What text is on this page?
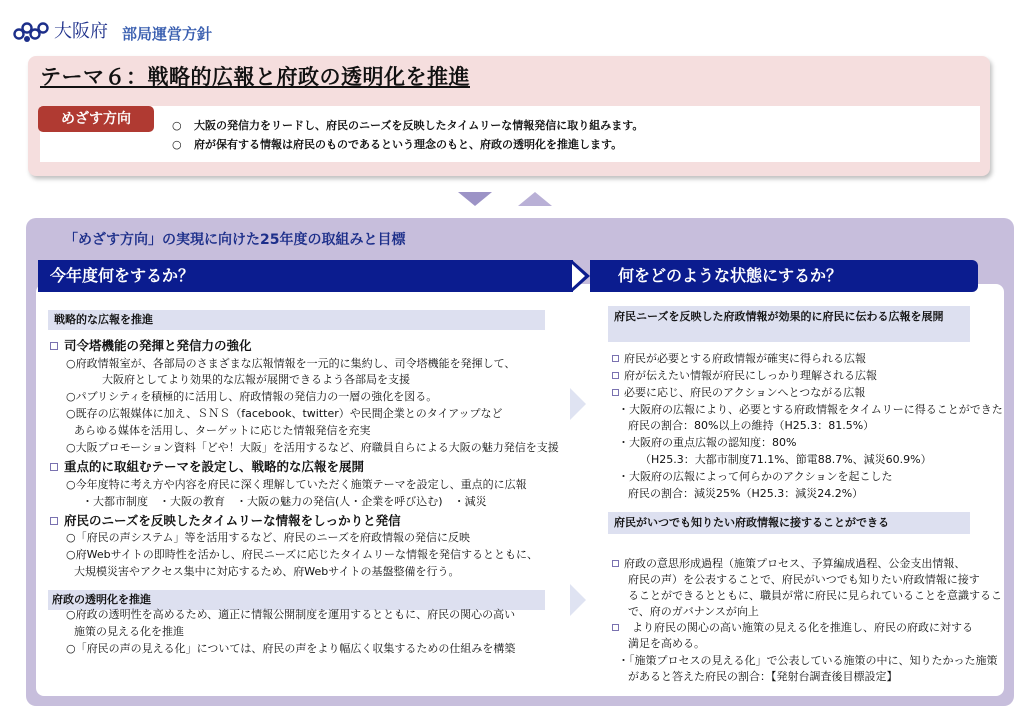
大阪府 部局運営方針
テーマ６：戦略的広報と府政の透明化を推進
めざす方向	○ 大阪の発信力をリードし、府民のニーズを反映したタイムリーな情報発信に取り組みます。
○ 府が保有する情報は府民のものであるという理念のもと、府政の透明化を推進します。
「めざす方向」の実現に向けた25年度の取組みと目標
今年度何をするか？	何をどのような状態にするか？
戦略的な広報を推進
司令塔機能の発揮と発信力の強化
○府政情報室が、各部局のさまざまな広報情報を一元的に集約し、司令塔機能を発揮して、
大阪府としてより効果的な広報が展開できるよう各部局を支援
○パブリシティを積極的に活用し、府政情報の発信力の一層の強化を図る。
○既存の広報媒体に加え、ＳＮＳ（facebook、twitter）や民間企業とのタイアップなど
あらゆる媒体を活用し、ターゲットに応じた情報発信を充実
○大阪プロモーション資料「どや！大阪」を活用するなど、府職員自らによる大阪の魅力発信を支援
重点的に取組むテーマを設定し、戦略的な広報を展開
○今年度特に考え方や内容を府民に深く理解していただく施策テーマを設定し、重点的に広報
・大都市制度　・大阪の教育　・大阪の魅力の発信(人・企業を呼び込む)　・減災
府民のニーズを反映したタイムリーな情報をしっかりと発信
○「府民の声システム」等を活用するなど、府民のニーズを府政情報の発信に反映
○府Webサイトの即時性を活かし、府民ニーズに応じたタイムリーな情報を発信するとともに、
大規模災害やアクセス集中に対応するため、府Webサイトの基盤整備を行う。
府政の透明化を推進
○府政の透明性を高めるため、適正に情報公開制度を運用するとともに、府民の関心の高い
施策の見える化を推進
○「府民の声の見える化」については、府民の声をより幅広く収集するための仕組みを構築
府民ニーズを反映した府政情報が効果的に府民に伝わる広報を展開
府民が必要とする府政情報が確実に得られる広報
府が伝えたい情報が府民にしっかり理解される広報
必要に応じ、府民のアクションへとつながる広報
・大阪府の広報により、必要とする府政情報をタイムリーに得ることができた
府民の割合：80%以上の維持（H25.3：81.5%）
・大阪府の重点広報の認知度：80%
（H25.3：大都市制度71.1%、節電88.7%、減災60.9%）
・大阪府の広報によって何らかのアクションを起こした
府民の割合：減災25%（H25.3：減災24.2%）
府民がいつでも知りたい府政情報に接することができる
府政の意思形成過程（施策プロセス、予算編成過程、公金支出情報、
府民の声）を公表することで、府民がいつでも知りたい府政情報に接す
ることができるとともに、職員が常に府民に見られていることを意識するこ
で、府のガバナンスが向上
より府民の関心の高い施策の見える化を推進し、府民の府政に対する
満足を高める。
・「施策プロセスの見える化」で公表している施策の中に、知りたかった施策
があると答えた府民の割合：【発射台調査後目標設定】
